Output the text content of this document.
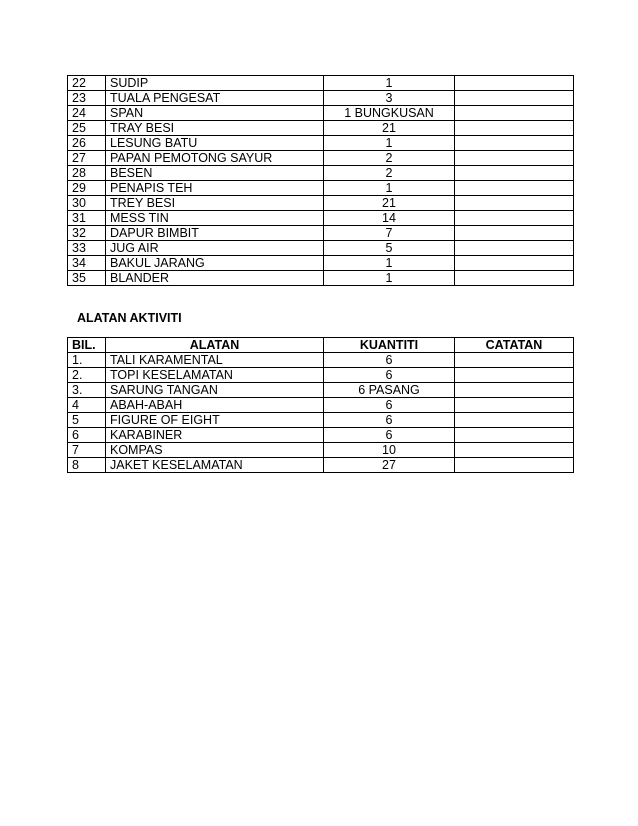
22	SUDIP	1	
23	TUALA PENGESAT	3	
24	SPAN	1 BUNGKUSAN	
25	TRAY BESI	21	
26	LESUNG BATU	1	
27	PAPAN PEMOTONG SAYUR	2	
28	BESEN	2	
29	PENAPIS TEH	1	
30	TREY BESI	21	
31	MESS TIN	14	
32	DAPUR BIMBIT	7	
33	JUG AIR	5	
34	BAKUL JARANG	1	
35	BLANDER	1	
ALATAN AKTIVITI
BIL.	ALATAN	KUANTITI	CATATAN
1.	TALI KARAMENTAL	6	
2.	TOPI KESELAMATAN	6	
3.	SARUNG TANGAN	6 PASANG	
4	ABAH-ABAH	6	
5	FIGURE OF EIGHT	6	
6	KARABINER	6	
7	KOMPAS	10	
8	JAKET KESELAMATAN	27	
